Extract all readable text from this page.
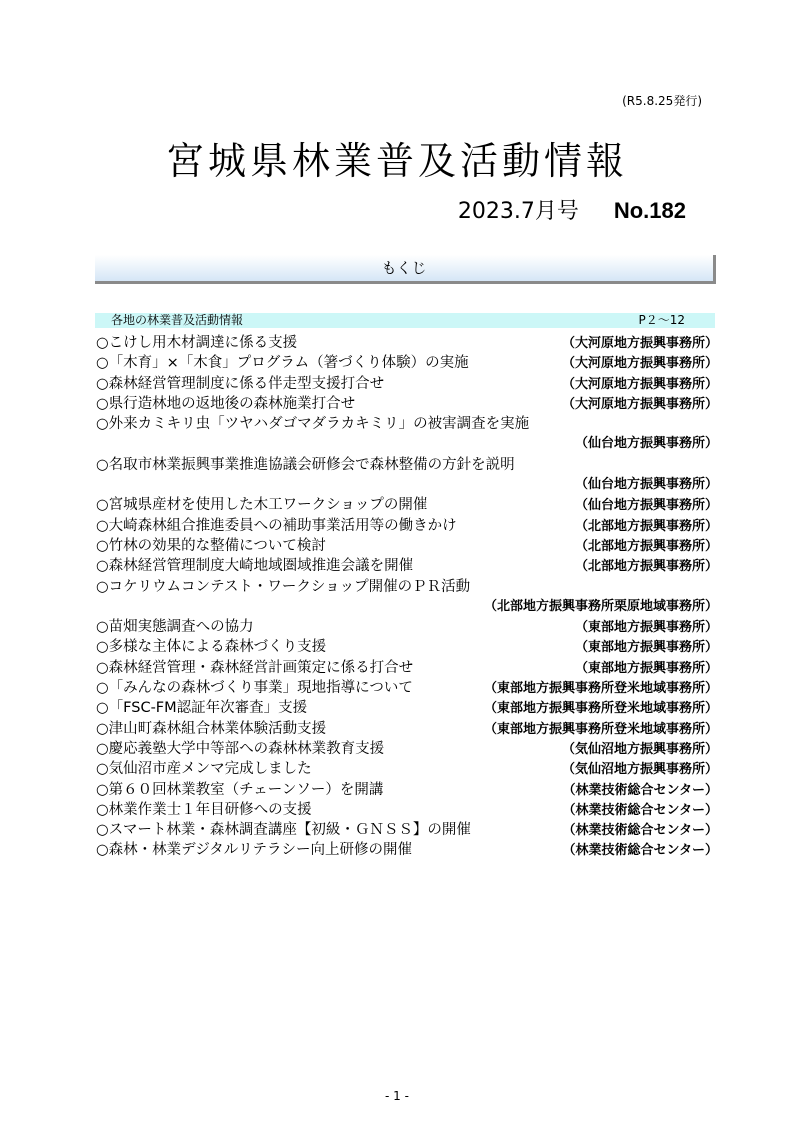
(R5.8.25発行)
宮城県林業普及活動情報
2023.7月号 No.182
もくじ
各地の林業普及活動情報	P２～12
○こけし用木材調達に係る支援	（大河原地方振興事務所）
○「木育」×「木食」プログラム（箸づくり体験）の実施	（大河原地方振興事務所）
○森林経営管理制度に係る伴走型支援打合せ	（大河原地方振興事務所）
○県行造林地の返地後の森林施業打合せ	（大河原地方振興事務所）
○外来カミキリ虫「ツヤハダゴマダラカキミリ」の被害調査を実施
（仙台地方振興事務所）
○名取市林業振興事業推進協議会研修会で森林整備の方針を説明
（仙台地方振興事務所）
○宮城県産材を使用した木工ワークショップの開催	（仙台地方振興事務所）
○大崎森林組合推進委員への補助事業活用等の働きかけ	（北部地方振興事務所）
○竹林の効果的な整備について検討	（北部地方振興事務所）
○森林経営管理制度大崎地域圏域推進会議を開催	（北部地方振興事務所）
○コケリウムコンテスト・ワークショップ開催のＰＲ活動
（北部地方振興事務所栗原地域事務所）
○苗畑実態調査への協力	（東部地方振興事務所）
○多様な主体による森林づくり支援	（東部地方振興事務所）
○森林経営管理・森林経営計画策定に係る打合せ	（東部地方振興事務所）
○「みんなの森林づくり事業」現地指導について	（東部地方振興事務所登米地域事務所）
○「FSC-FM認証年次審査」支援	（東部地方振興事務所登米地域事務所）
○津山町森林組合林業体験活動支援	（東部地方振興事務所登米地域事務所）
○慶応義塾大学中等部への森林林業教育支援	（気仙沼地方振興事務所）
○気仙沼市産メンマ完成しました	（気仙沼地方振興事務所）
○第６０回林業教室（チェーンソー）を開講	（林業技術総合センター）
○林業作業士１年目研修への支援	（林業技術総合センター）
○スマート林業・森林調査講座【初級・ＧＮＳＳ】の開催	（林業技術総合センター）
○森林・林業デジタルリテラシー向上研修の開催	（林業技術総合センター）
- 1 -
